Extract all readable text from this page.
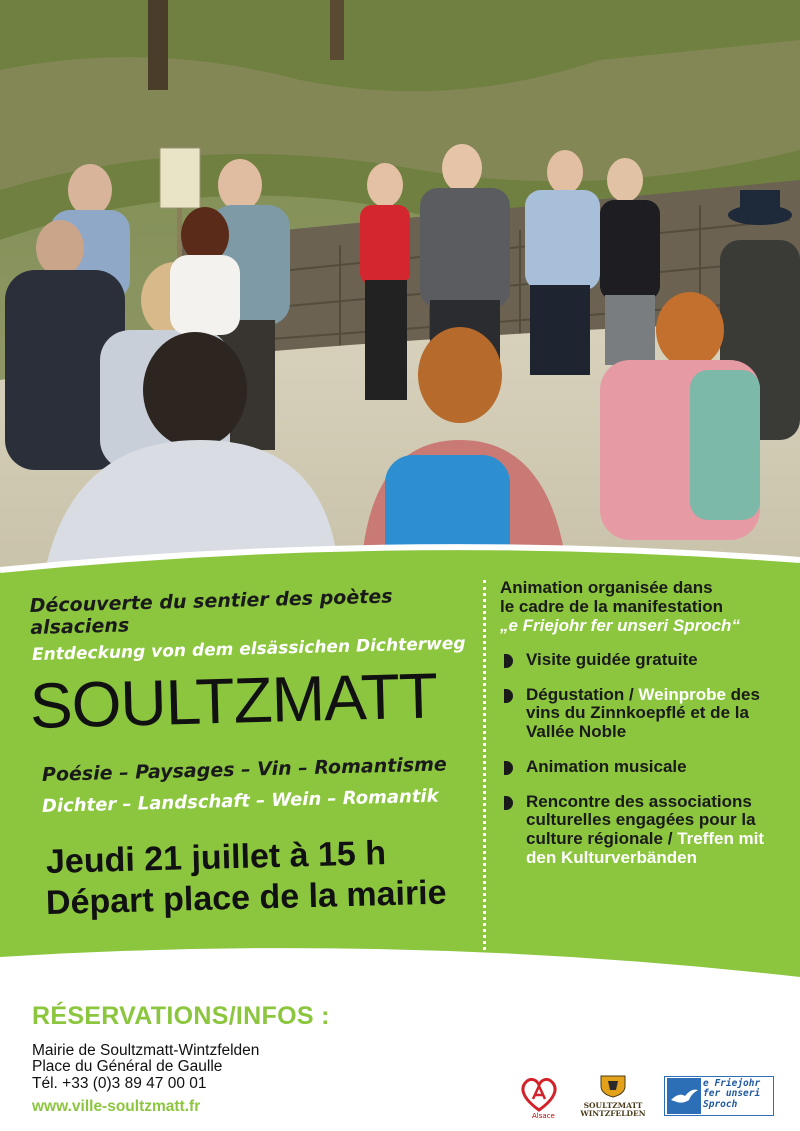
Découverte du sentier des poètes alsaciens

Entdeckung von dem elsässichen Dichterweg

SOULTZMATT

Poésie – Paysages – Vin – Romantisme

Dichter – Landschaft – Wein – Romantik

Jeudi 21 juillet à 15 h

Départ place de la mairie

Animation organisée dans
le cadre de la manifestation
„e Friejohr fer unseri Sproch“

Visite guidée gratuite
Dégustation / Weinprobe des vins du Zinnkoepflé et de la Vallée Noble
Animation musicale
Rencontre des associations culturelles engagées pour la culture régionale / Treffen mit den Kulturverbänden

RÉSERVATIONS/INFOS :

Mairie de Soultzmatt-Wintzfelden

Place du Général de Gaulle

Tél. +33 (0)3 89 47 00 01

www.ville-soultzmatt.fr
Alsace
SOULTZMATT
WINTZFELDEN
e Friejohr
fer unseri
Sproch
